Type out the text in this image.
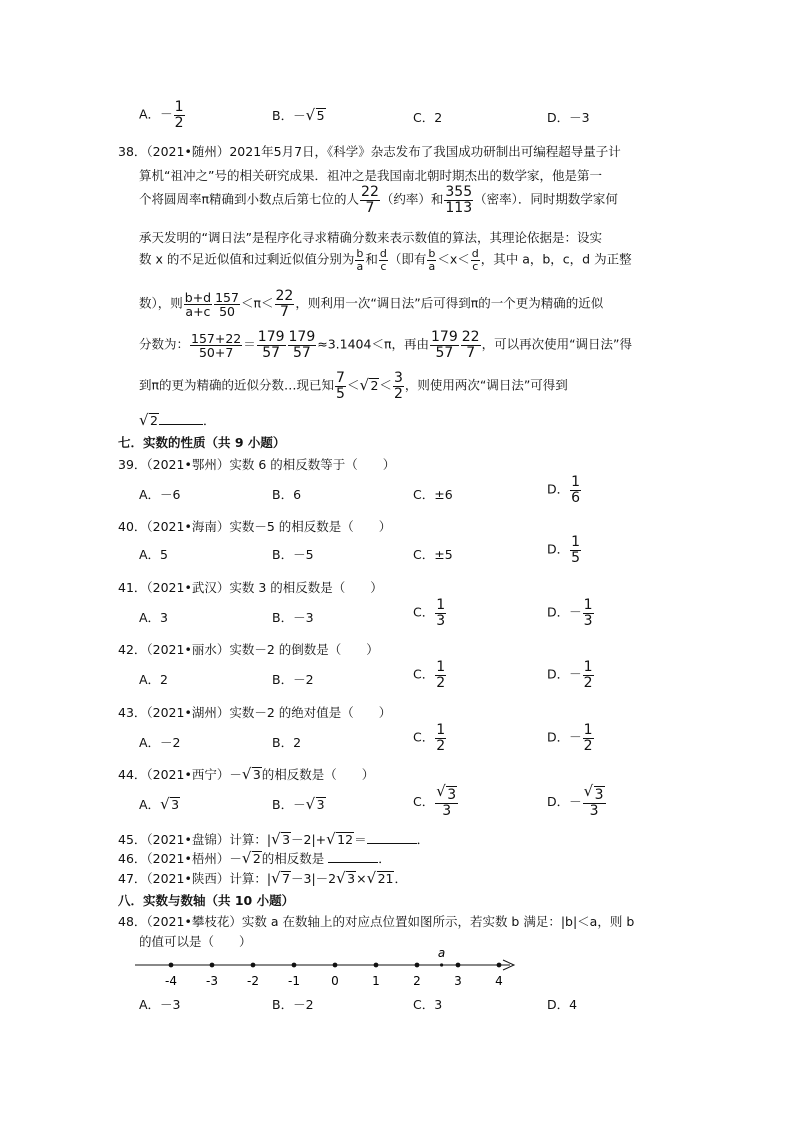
A．－ $\frac{1}{2}$	B．－ √ 5	C．2	D．－3
38．（2021•随州）2021年5月7日，《科学》杂志发布了我国成功研制出可编程超导量子计
算机“祖冲之”号的相关研究成果．祖冲之是我国南北朝时期杰出的数学家，他是第一
个将圆周率π精确到小数点后第七位的人 $\frac{22}{7}$ （约率）和 $\frac{355}{113}$ （密率）．同时期数学家何
承天发明的“调日法”是程序化寻求精确分数来表示数值的算法，其理论依据是：设实
数 x 的不足近似值和过剩近似值分别为 $\frac{b}{a}$ 和 $\frac{d}{c}$ （即有 $\frac{b}{a} <x< \frac{d}{c}$ ，其中 a，b，c，d 为正整
数），则 $\frac{b+d}{a+c} \frac{157}{50} <\pi< \frac{22}{7}$ ，则利用一次“调日法”后可得到π的一个更为精确的近似
分数为： $\frac{157+22}{50+7} = \frac{179}{57} \frac{179}{57} \approx 3.1404<\pi$，再由 $\frac{179}{57} \frac{22}{7}$ ，可以再次使用“调日法”得
到π的更为精确的近似分数…现已知 $\frac{7}{5}$ ＜ √ $2< \frac{3}{2}$ ，则使用两次“调日法”可得到
√ 2	．
七．实数的性质（共 9 小题）
39．（2021•鄂州）实数 6 的相反数等于（　　）
A．－6	B．6	C．±6	D． $\frac{1}{6}$
40．（2021•海南）实数－5 的相反数是（　　）
A．5	B．－5	C．±5	D． $\frac{1}{5}$
41．（2021•武汉）实数 3 的相反数是（　　）
A．3	B．－3	C． $\frac{1}{3}$	D．－ $\frac{1}{3}$
42．（2021•丽水）实数－2 的倒数是（　　）
A．2	B．－2	C． $\frac{1}{2}$	D．－ $\frac{1}{2}$
43．（2021•湖州）实数－2 的绝对值是（　　）
A．－2	B．2	C． $\frac{1}{2}$	D．－ $\frac{1}{2}$
44．（2021•西宁）－ √ 3的相反数是（　　）
A． √ 3	B．－ √ 3	C． √ $\frac{3}{3}$	D．－ √ $\frac{3}{3}$
45．（2021•盘锦）计算：| √ 3－2|+ √ 12＝	．
46．（2021•梧州）－ √ 2的相反数是	．
47．（2021•陕西）计算：| √ 7－3|－2 √ 3× √ 21．
八．实数与数轴（共 10 小题）
48．（2021•攀枝花）实数 a 在数轴上的对应点位置如图所示，若实数 b 满足：|b|＜a，则 b
的值可以是（　　）
-4 -3 -2 -1	0	1	2	3	4
a
A．－3	B．－2	C．3	D．4
